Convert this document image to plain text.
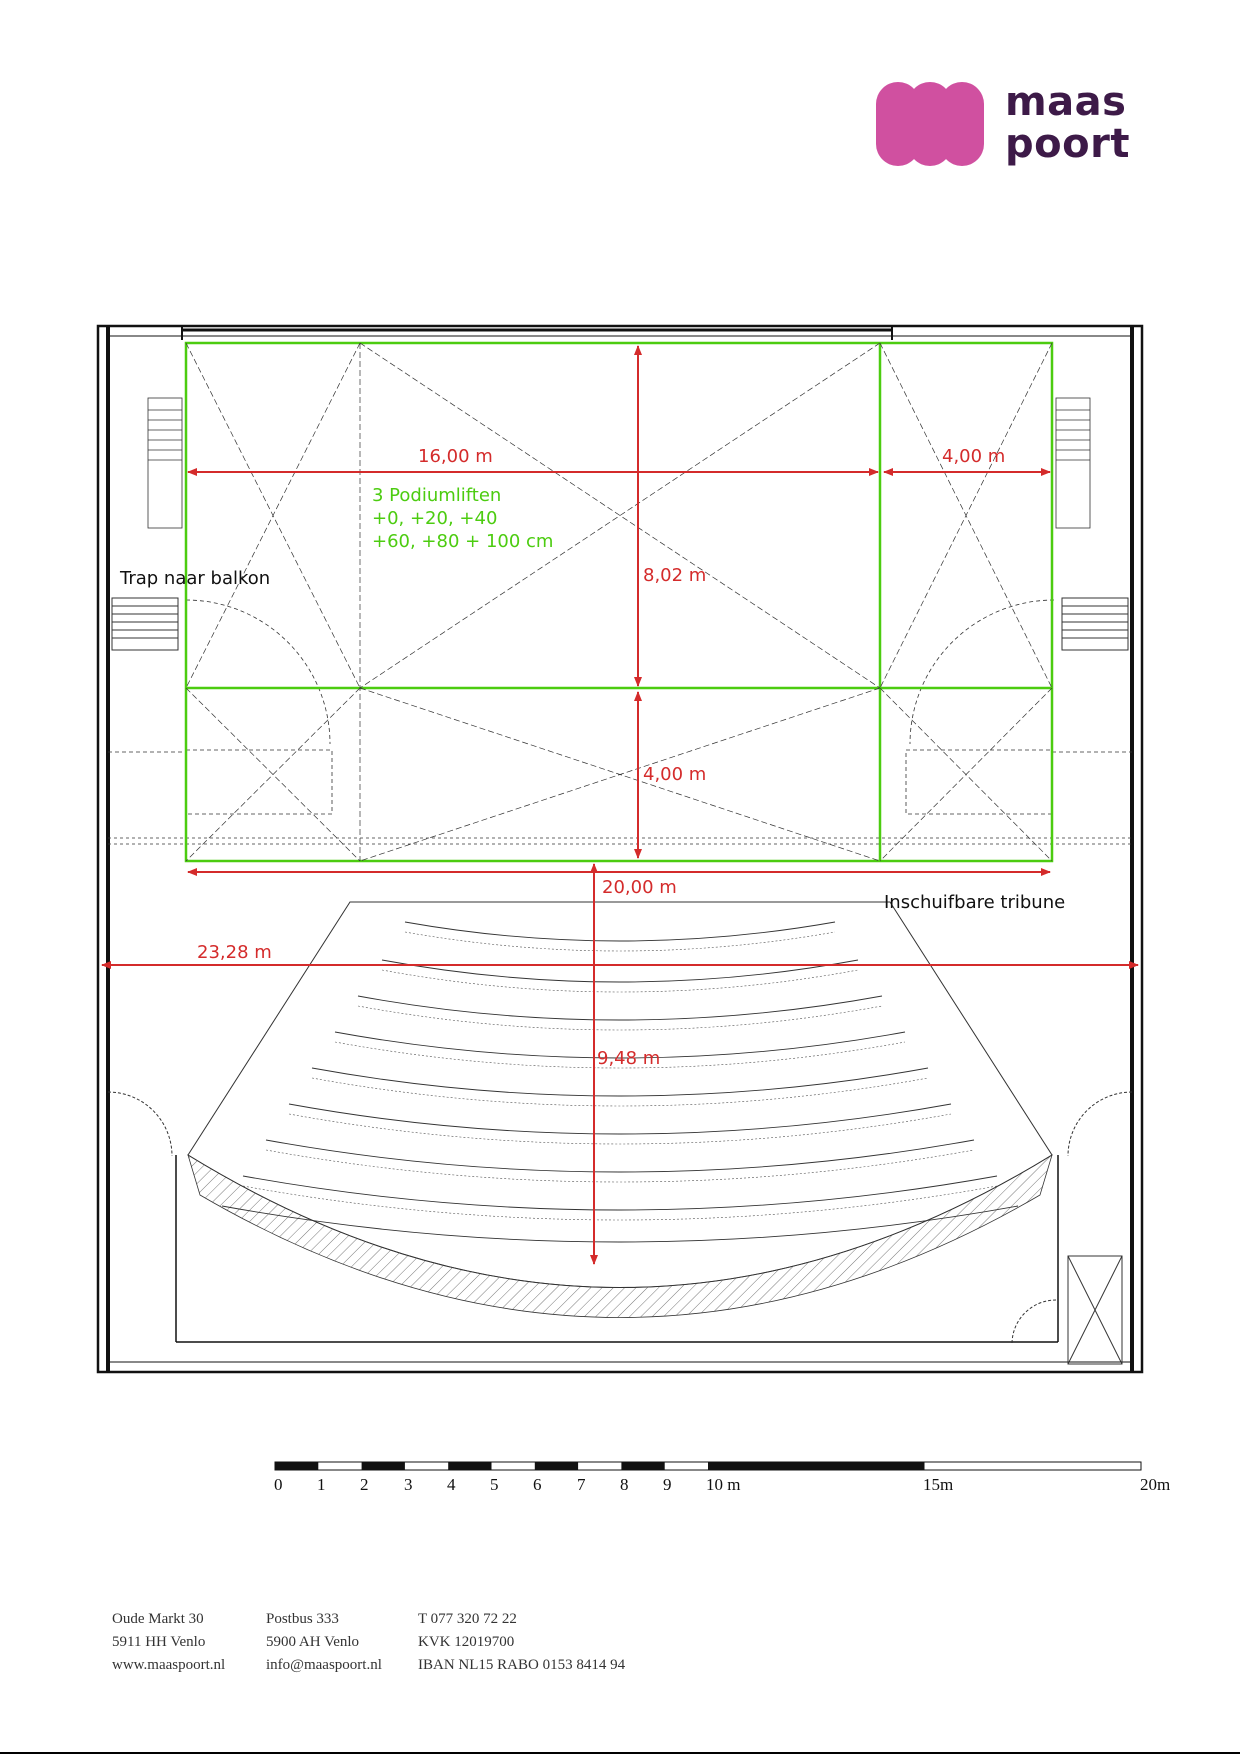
maas
poort
16,00 m	4,00 m
8,02 m
4,00 m
20,00 m
23,28 m
9,48 m
3 Podiumliften
+0, +20, +40
+60, +80 + 100 cm
Trap naar balkon
Inschuifbare tribune
0 1 2 3 4 5 6 7 8 9 10 m	15m	20m
Oude Markt 30
5911 HH Venlo
www.maaspoort.nl
Postbus 333
5900 AH Venlo
info@maaspoort.nl
T 077 320 72 22
KVK 12019700
IBAN NL15 RABO 0153 8414 94
